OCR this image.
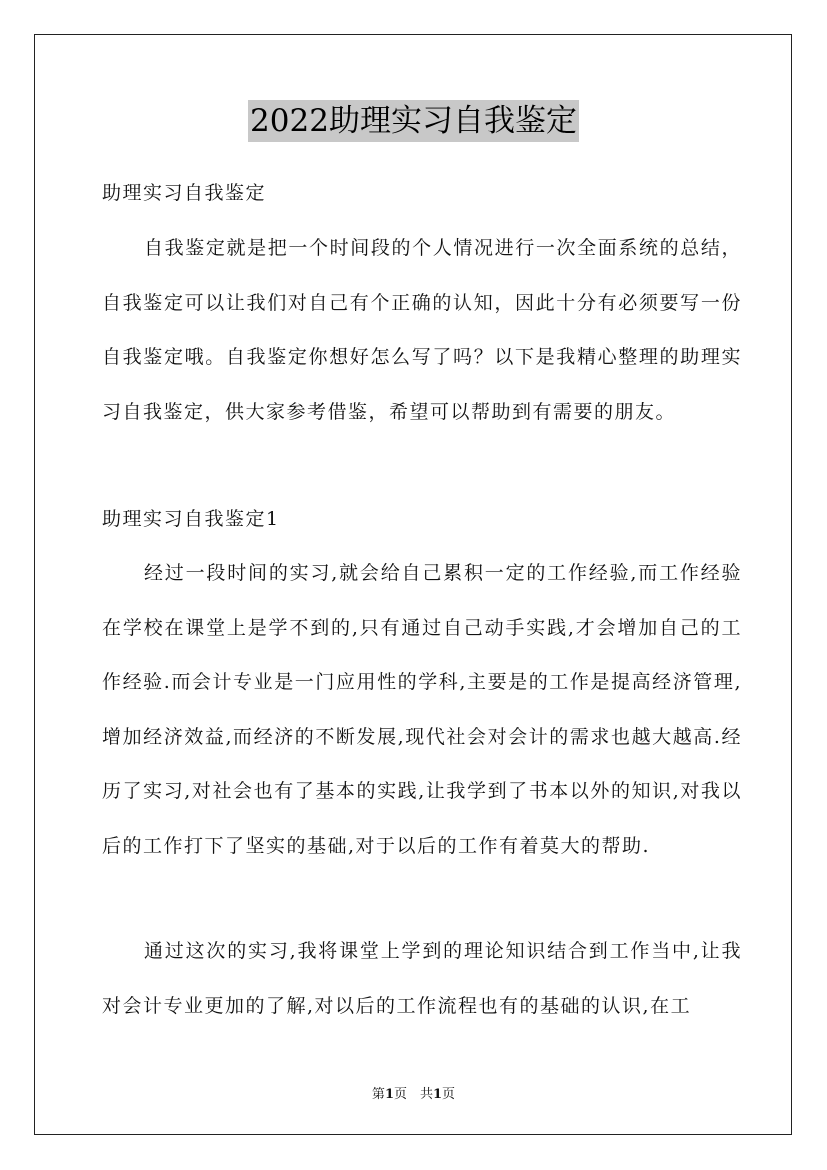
2022助理实习自我鉴定

助理实习自我鉴定

自我鉴定就是把一个时间段的个人情况进行一次全面系统的总结，自我鉴定可以让我们对自己有个正确的认知，因此十分有必须要写一份自我鉴定哦。自我鉴定你想好怎么写了吗？以下是我精心整理的助理实习自我鉴定，供大家参考借鉴，希望可以帮助到有需要的朋友。

助理实习自我鉴定1

经过一段时间的实习,就会给自己累积一定的工作经验,而工作经验在学校在课堂上是学不到的,只有通过自己动手实践,才会增加自己的工作经验.而会计专业是一门应用性的学科,主要是的工作是提高经济管理,增加经济效益,而经济的不断发展,现代社会对会计的需求也越大越高.经历了实习,对社会也有了基本的实践,让我学到了书本以外的知识,对我以后的工作打下了坚实的基础,对于以后的工作有着莫大的帮助.

通过这次的实习,我将课堂上学到的理论知识结合到工作当中,让我对会计专业更加的了解,对以后的工作流程也有的基础的认识,在工

第1页　共1页
